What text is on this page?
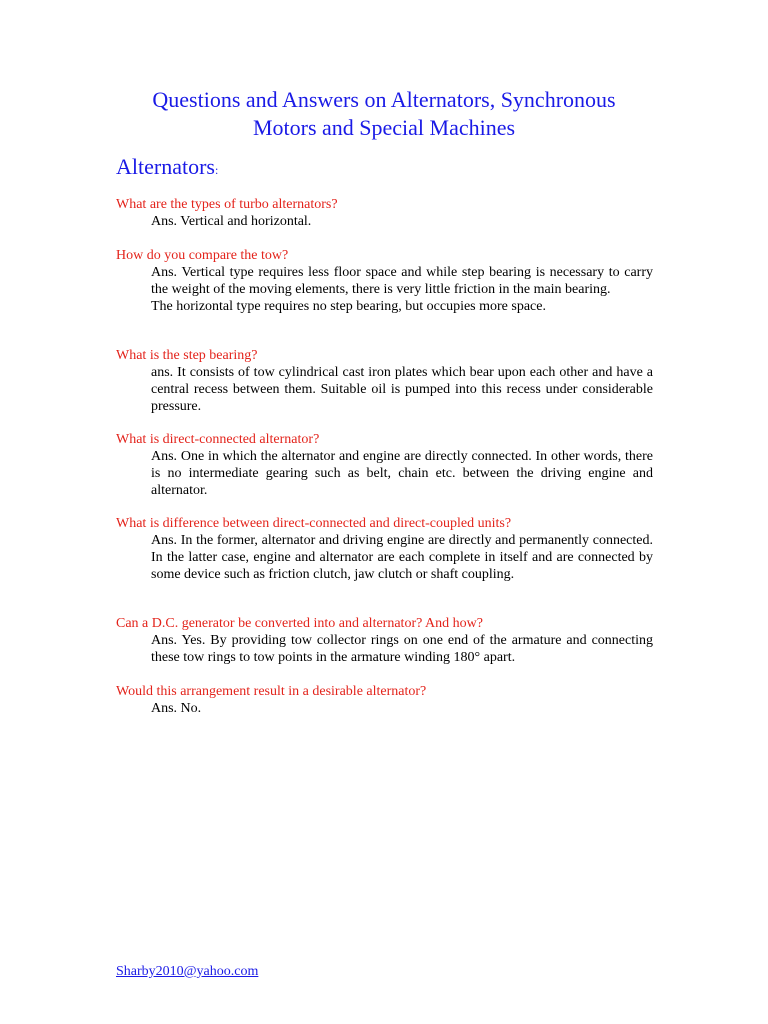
Questions and Answers on Alternators, Synchronous
Motors and Special Machines
Alternators:
What are the types of turbo alternators?

Ans. Vertical and horizontal.

How do you compare the tow?

Ans. Vertical type requires less floor space and while step bearing is necessary to carry the weight of the moving elements, there is very little friction in the main bearing.

The horizontal type requires no step bearing, but occupies more space.

What is the step bearing?

ans. It consists of tow cylindrical cast iron plates which bear upon each other and have a central recess between them. Suitable oil is pumped into this recess under considerable pressure.

What is direct-connected alternator?

Ans. One in which the alternator and engine are directly connected. In other words, there is no intermediate gearing such as belt, chain etc. between the driving engine and alternator.

What is difference between direct-connected and direct-coupled units?

Ans. In the former, alternator and driving engine are directly and permanently connected. In the latter case, engine and alternator are each complete in itself and are connected by some device such as friction clutch, jaw clutch or shaft coupling.

Can a D.C. generator be converted into and alternator? And how?

Ans. Yes. By providing tow collector rings on one end of the armature and connecting these tow rings to tow points in the armature winding 180° apart.

Would this arrangement result in a desirable alternator?

Ans. No.

Sharby2010@yahoo.com
